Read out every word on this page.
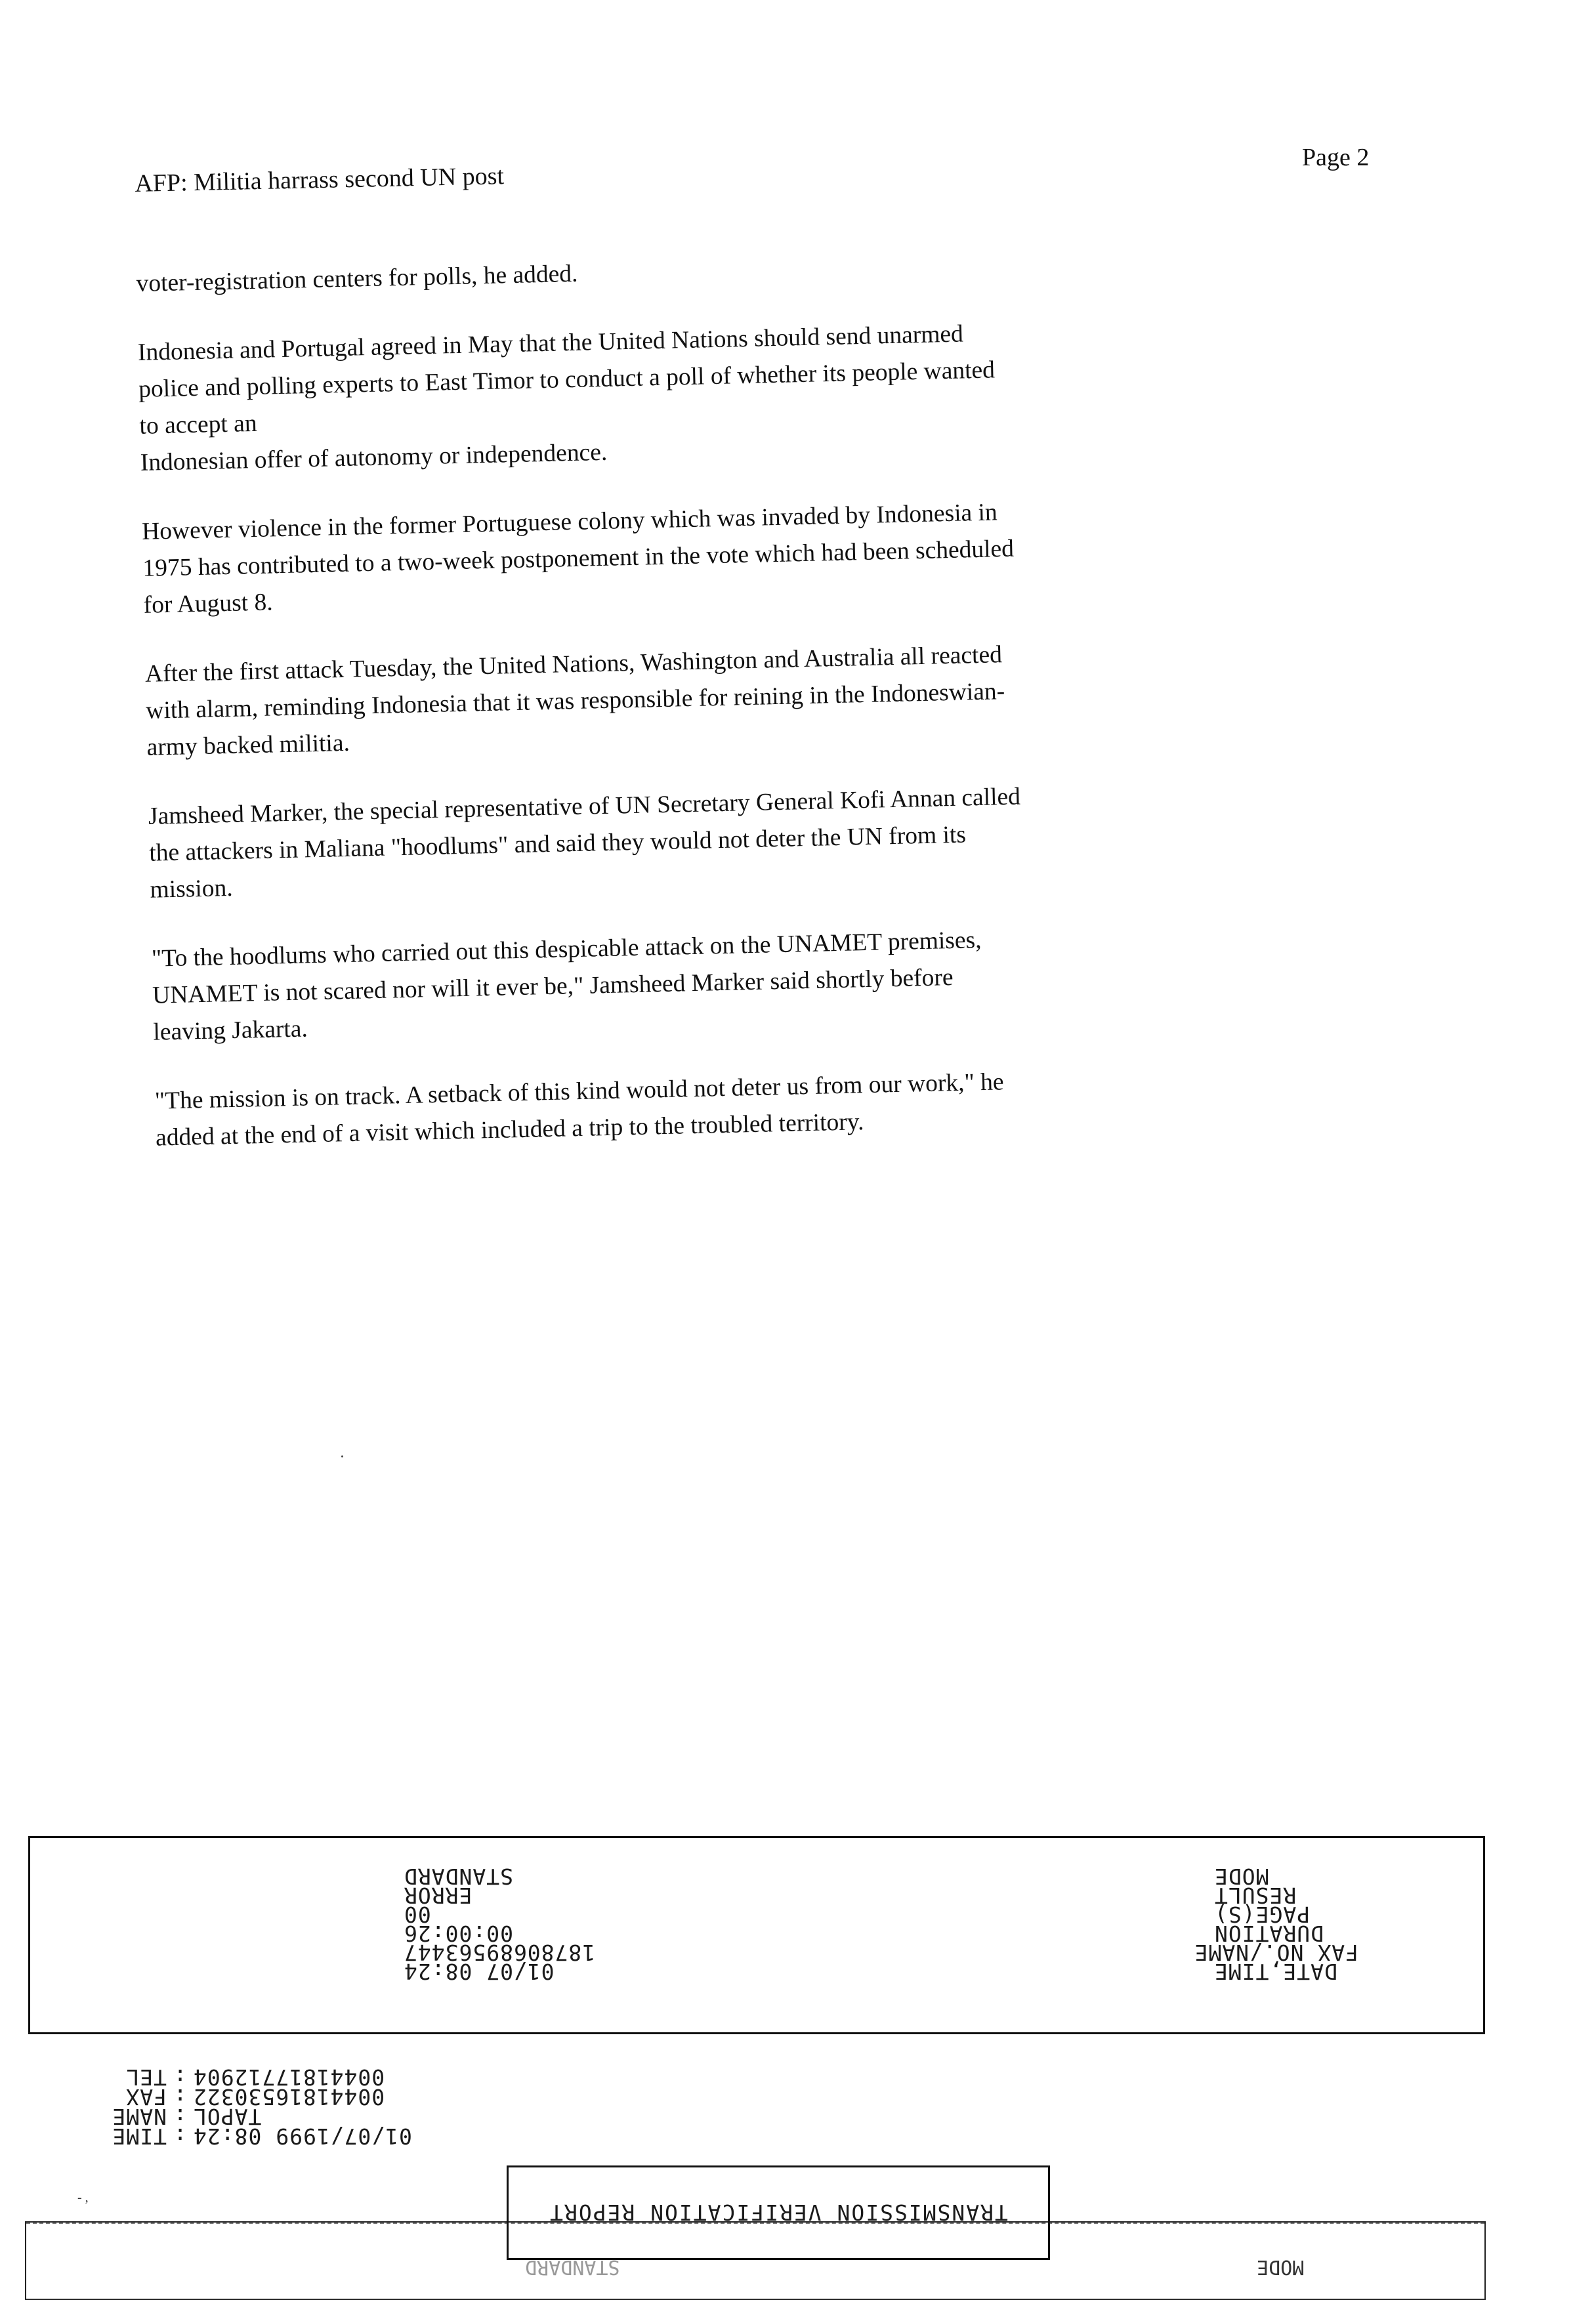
Page 2
AFP: Militia harrass second UN post

voter-registration centers for polls, he added.

Indonesia and Portugal agreed in May that the United Nations should send unarmed police and polling experts to East Timor to conduct a poll of whether its people wanted to accept an
Indonesian offer of autonomy or independence.

However violence in the former Portuguese colony which was invaded by Indonesia in 1975 has contributed to a two-week postponement in the vote which had been scheduled for August 8.

After the first attack Tuesday, the United Nations, Washington and Australia all reacted with alarm, reminding Indonesia that it was responsible for reining in the Indoneswian-army backed militia.

Jamsheed Marker, the special representative of UN Secretary General Kofi Annan called the attackers in Maliana "hoodlums" and said they would not deter the UN from its mission.

"To the hoodlums who carried out this despicable attack on the UNAMET premises, UNAMET is not scared nor will it ever be," Jamsheed Marker said shortly before leaving Jakarta.

"The mission is on track. A setback of this kind would not deter us from our work," he added at the end of a visit which included a trip to the troubled territory.

DATE,TIME
FAX NO./NAME
DURATION
PAGE(S)
RESULT
MODE
01/07 08:24
18780689563447
00:00:26
00
ERROR
STANDARD
01/07/1999 08:24
:
TIME
TAPOL
:
NAME
00441816530322
:
FAX
00441817712904
:
TEL
- ,
MODE
STANDARD
TRANSMISSION VERIFICATION REPORT
